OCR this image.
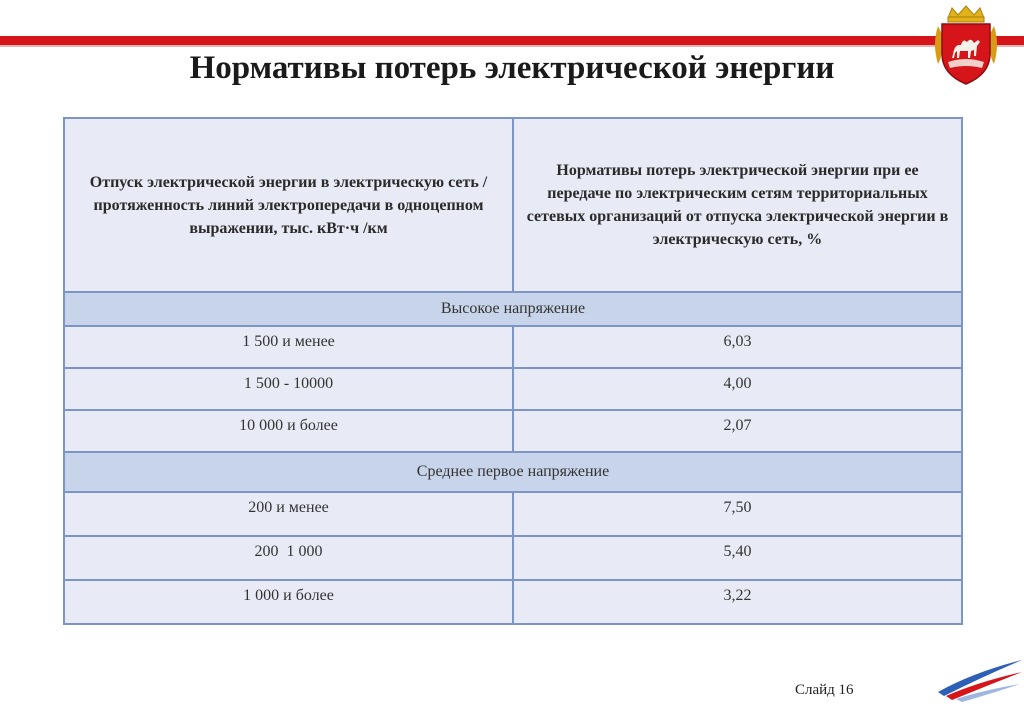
Нормативы потерь электрической энергии
Отпуск электрической энергии в электрическую сеть / протяженность линий электропередачи в одноцепном выражении, тыс. кВт·ч /км	Нормативы потерь электрической энергии при ее передаче по электрическим сетям территориальных сетевых организаций от отпуска электрической энергии в электрическую сеть, %
Высокое напряжение	
1 500 и менее	6,03
1 500 - 10000	4,00
10 000 и более	2,07
Среднее первое напряжение	
200 и менее	7,50
200  1 000	5,40
1 000 и более	3,22
Слайд 16
